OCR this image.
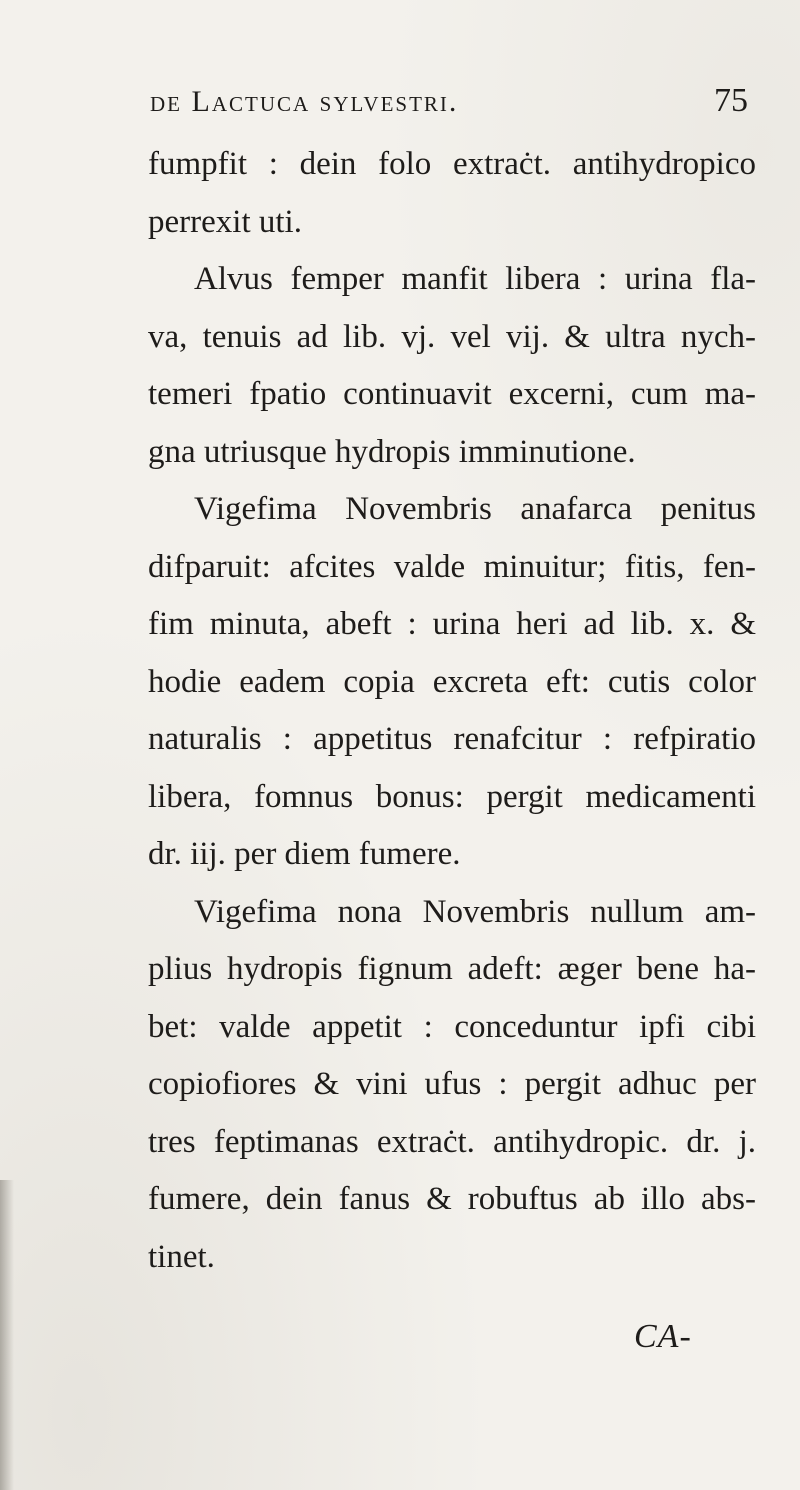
de Lactuca sylvestri.	75
fumpfit : dein folo extraċt. antihydropico
perrexit uti.
Alvus femper manfit libera : urina fla-
va, tenuis ad lib. vj. vel vij. & ultra nych-
temeri fpatio continuavit excerni, cum ma-
gna utriusque hydropis imminutione.
Vigefima Novembris anafarca penitus
difparuit: afcites valde minuitur; fitis, fen-
fim minuta, abeft : urina heri ad lib. x. &
hodie eadem copia excreta eft: cutis color
naturalis : appetitus renafcitur : refpiratio
libera, fomnus bonus: pergit medicamenti
dr. iij. per diem fumere.
Vigefima nona Novembris nullum am-
plius hydropis fignum adeft: æger bene ha-
bet: valde appetit : conceduntur ipfi cibi
copiofiores & vini ufus : pergit adhuc per
tres feptimanas extraċt. antihydropic. dr. j.
fumere, dein fanus & robuftus ab illo abs-
tinet.
CA-
